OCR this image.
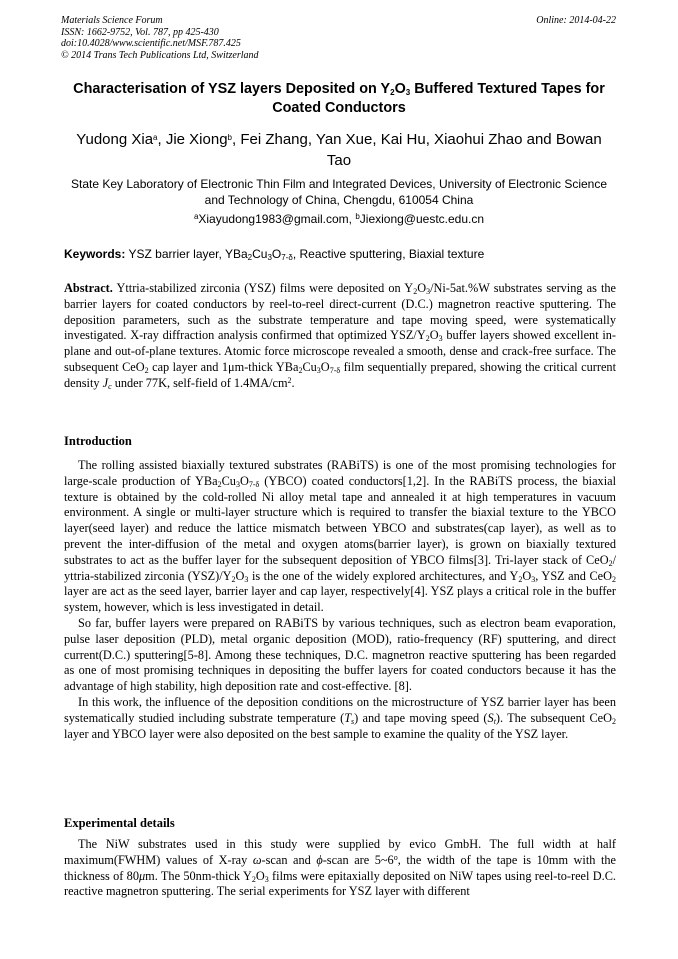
Materials Science Forum
ISSN: 1662-9752, Vol. 787, pp 425-430
doi:10.4028/www.scientific.net/MSF.787.425
© 2014 Trans Tech Publications Ltd, Switzerland
Online: 2014-04-22
Characterisation of YSZ layers Deposited on $Y_2O_3$ Buffered Textured Tapes for Coated Conductors
Yudong Xia$^a$, Jie Xiong$^b$, Fei Zhang, Yan Xue, Kai Hu, Xiaohui Zhao and Bowan Tao
State Key Laboratory of Electronic Thin Film and Integrated Devices, University of Electronic Science and Technology of China, Chengdu, 610054 China
$^a$Xiayudong1983@gmail.com, $^b$Jiexiong@uestc.edu.cn
Keywords: YSZ barrier layer, $YBa_2Cu_3O_{7-\delta}$, Reactive sputtering, Biaxial texture

Abstract. Yttria-stabilized zirconia (YSZ) films were deposited on $Y_2O_3/Ni-5at.\%W$ substrates serving as the barrier layers for coated conductors by reel-to-reel direct-current (D.C.) magnetron reactive sputtering. The deposition parameters, such as the substrate temperature and tape moving speed, were systematically investigated. X-ray diffraction analysis confirmed that optimized YSZ/$Y_2O_3$ buffer layers showed excellent in-plane and out-of-plane textures. Atomic force microscope revealed a smooth, dense and crack-free surface. The subsequent CeO$_2$ cap layer and 1μm-thick $YBa_2Cu_3O_{7-\delta}$ film sequentially prepared, showing the critical current density $J_c$ under 77K, self-field of $1.4MA/cm^2$.

Introduction

The rolling assisted biaxially textured substrates (RABiTS) is one of the most promising technologies for large-scale production of $YBa_2Cu_3O_{7-\delta}$ (YBCO) coated conductors[1,2]. In the RABiTS process, the biaxial texture is obtained by the cold-rolled Ni alloy metal tape and annealed it at high temperatures in vacuum environment. A single or multi-layer structure which is required to transfer the biaxial texture to the YBCO layer(seed layer) and reduce the lattice mismatch between YBCO and substrates(cap layer), as well as to prevent the inter-diffusion of the metal and oxygen atoms(barrier layer), is grown on biaxially textured substrates to act as the buffer layer for the subsequent deposition of YBCO films[3]. Tri-layer stack of CeO$_2$/ yttria-stabilized zirconia $(YSZ)/Y_2O_3$ is the one of the widely explored architectures, and $Y_2O_3$, YSZ and CeO$_2$ layer are act as the seed layer, barrier layer and cap layer, respectively[4]. YSZ plays a critical role in the buffer system, however, which is less investigated in detail.

So far, buffer layers were prepared on RABiTS by various techniques, such as electron beam evaporation, pulse laser deposition (PLD), metal organic deposition (MOD), ratio-frequency (RF) sputtering, and direct current(D.C.) sputtering[5-8]. Among these techniques, D.C. magnetron reactive sputtering has been regarded as one of most promising techniques in depositing the buffer layers for coated conductors because it has the advantage of high stability, high deposition rate and cost-effective. [8].

In this work, the influence of the deposition conditions on the microstructure of YSZ barrier layer has been systematically studied including substrate temperature $(T_s)$ and tape moving speed $(S_t)$. The subsequent CeO$_2$ layer and YBCO layer were also deposited on the best sample to examine the quality of the YSZ layer.

Experimental details

The NiW substrates used in this study were supplied by evico GmbH. The full width at half maximum(FWHM) values of X-ray ω-scan and ϕ-scan are 5~6$^o$, the width of the tape is 10mm with the thickness of 80μm. The 50nm-thick $Y_2O_3$ films were epitaxially deposited on NiW tapes using reel-to-reel D.C. reactive magnetron sputtering. The serial experiments for YSZ layer with different
